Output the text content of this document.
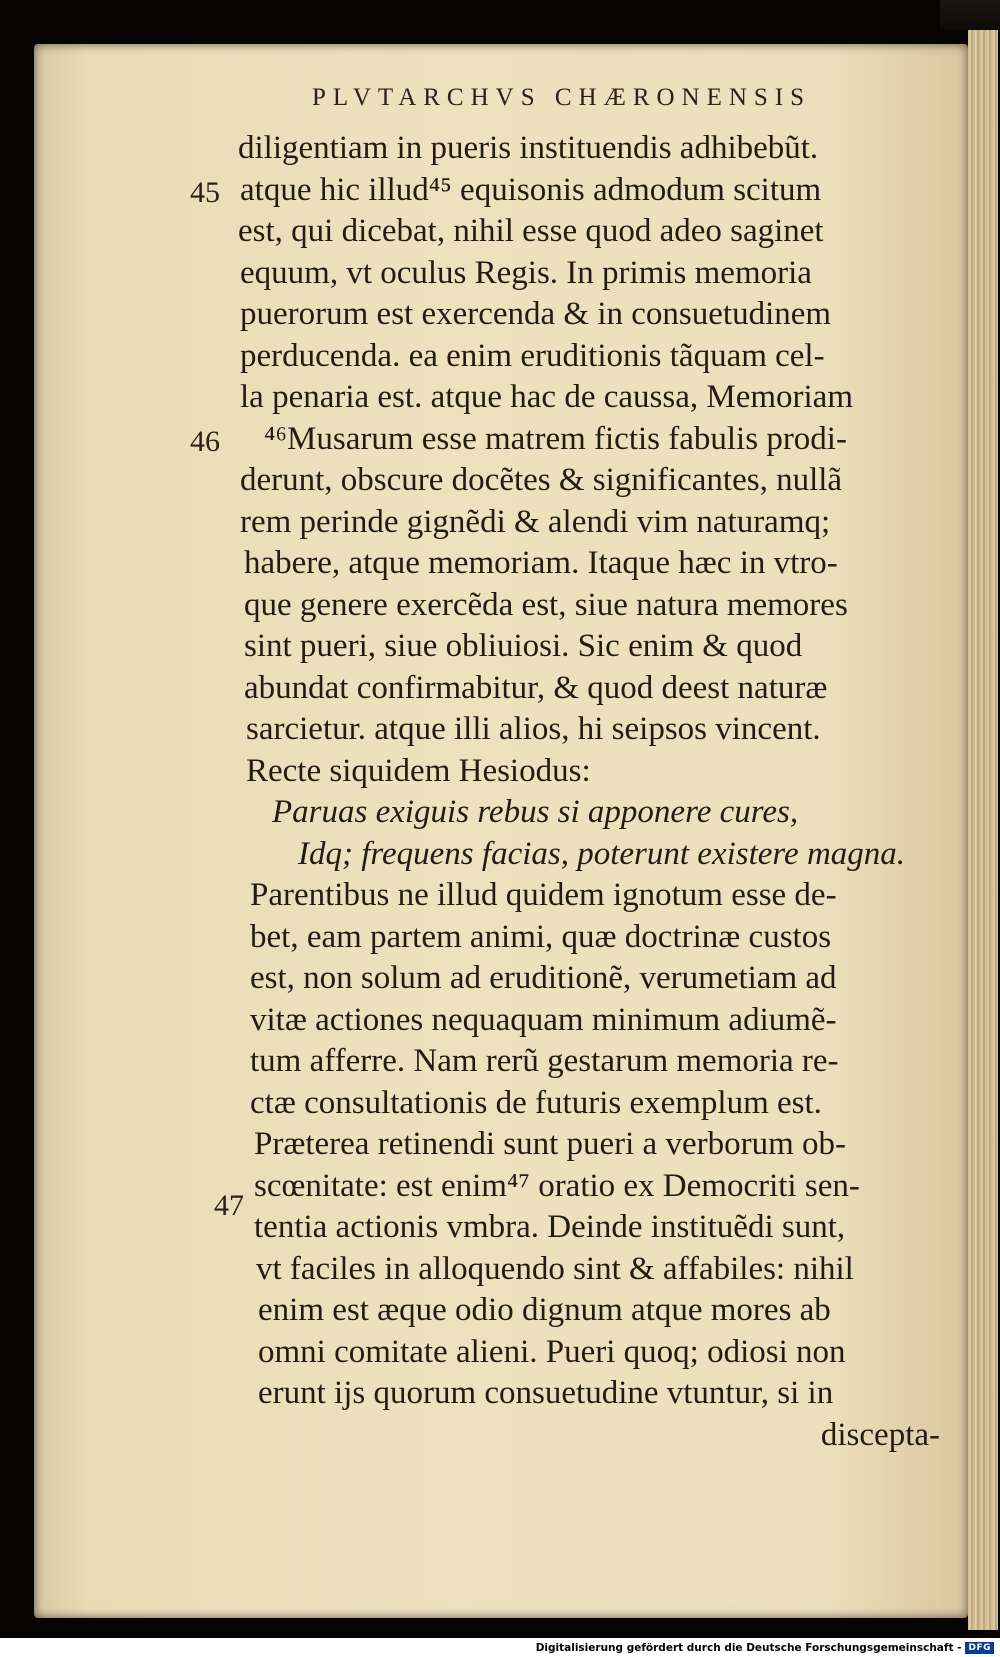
PLVTARCHVS CHÆRONENSIS
diligentiam in pueris instituendis adhibebũt.
45 atque hic illud⁴⁵ equisonis admodum scitum
est, qui dicebat, nihil esse quod adeo saginet
equum, vt oculus Regis. In primis memoria
puerorum est exercenda & in consuetudinem
perducenda. ea enim eruditionis tãquam cel-
la penaria est. atque hac de caussa, Memoriam
46 ⁴⁶Musarum esse matrem fictis fabulis prodi-
derunt, obscure docẽtes & significantes, nullã
rem perinde gignẽdi & alendi vim naturamq;
habere, atque memoriam. Itaque hæc in vtro-
que genere exercẽda est, siue natura memores
sint pueri, siue obliuiosi. Sic enim & quod
abundat confirmabitur, & quod deest naturæ
sarcietur. atque illi alios, hi seipsos vincent.
Recte siquidem Hesiodus:
Paruas exiguis rebus si apponere cures,
Idq; frequens facias, poterunt existere magna.
Parentibus ne illud quidem ignotum esse de-
bet, eam partem animi, quæ doctrinæ custos
est, non solum ad eruditionẽ, verumetiam ad
vitæ actiones nequaquam minimum adiumẽ-
tum afferre. Nam rerũ gestarum memoria re-
ctæ consultationis de futuris exemplum est.
Præterea retinendi sunt pueri a verborum ob-
scœnitate: est enim⁴⁷ oratio ex Democriti sen-
47
tentia actionis vmbra. Deinde instituẽdi sunt,
vt faciles in alloquendo sint & affabiles: nihil
enim est æque odio dignum atque mores ab
omni comitate alieni. Pueri quoq; odiosi non
erunt ijs quorum consuetudine vtuntur, si in
discepta-
Digitalisierung gefördert durch die Deutsche Forschungsgemeinschaft - DFG
